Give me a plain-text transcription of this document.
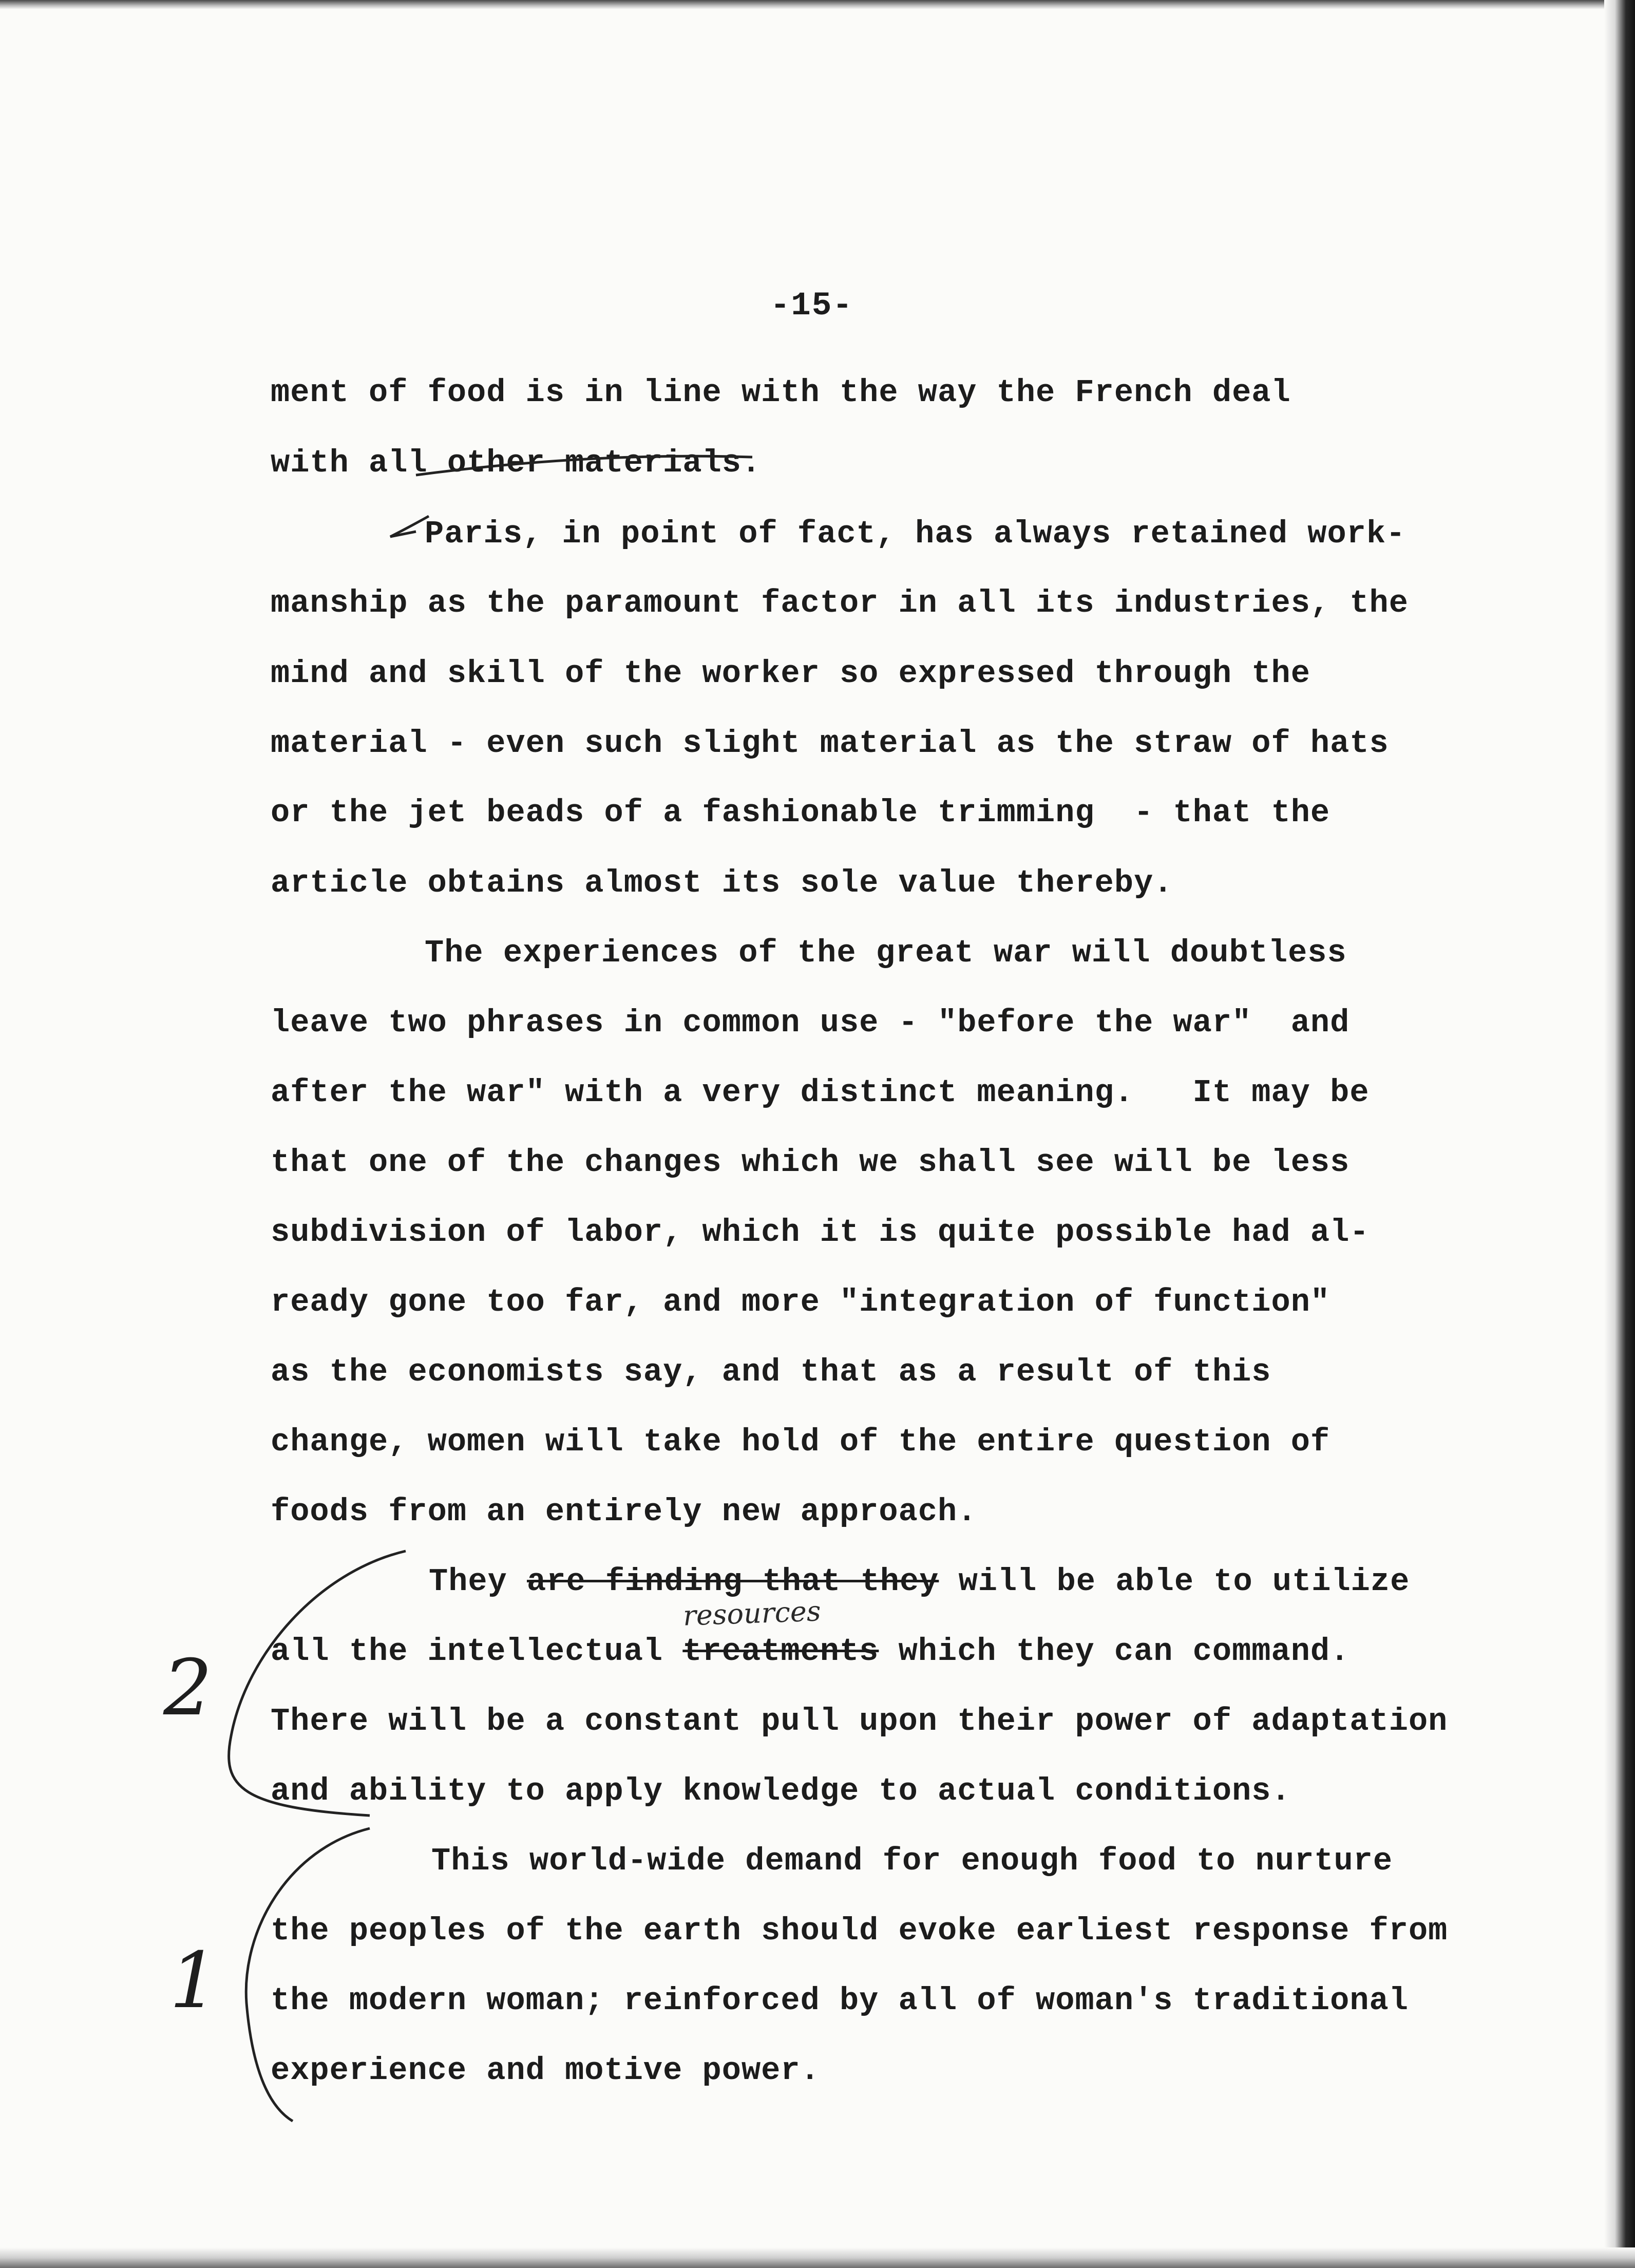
-15-
ment of food is in line with the way the French deal
with all other materials.
Paris, in point of fact, has always retained work-
manship as the paramount factor in all its industries, the
mind and skill of the worker so expressed through the
material - even such slight material as the straw of hats
or the jet beads of a fashionable trimming  - that the
article obtains almost its sole value thereby.
The experiences of the great war will doubtless
leave two phrases in common use - "before the war"  and
after the war" with a very distinct meaning.   It may be
that one of the changes which we shall see will be less
subdivision of labor, which it is quite possible had al-
ready gone too far, and more "integration of function"
as the economists say, and that as a result of this
change, women will take hold of the entire question of
foods from an entirely new approach.
They are finding that they will be able to utilize
all the intellectual treatments which they can command.
There will be a constant pull upon their power of adaptation
and ability to apply knowledge to actual conditions.
This world-wide demand for enough food to nurture
the peoples of the earth should evoke earliest response from
the modern woman; reinforced by all of woman's traditional
experience and motive power.
resources
2
1
